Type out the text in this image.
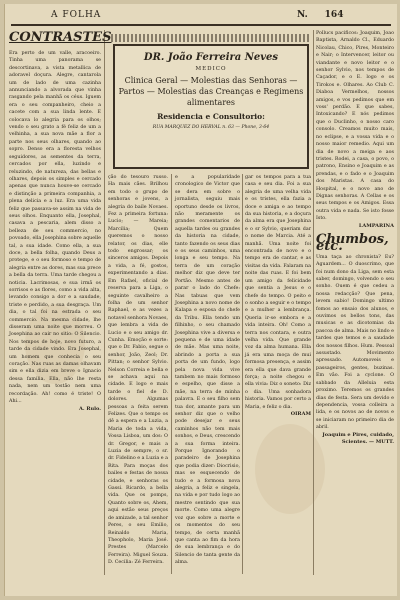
A FOLHA	N. 164
CONTRASTES
Era perto de um valle, aracoeiro. Tinha uma panorama se descortinava, a vista metallica de adoravel doçura. Alegre, cantarola um de lado de uma cazinha annunciando a alvorada que vinha rasgando pela manhã os céus. Iguem era o seu companheiro, cheio a cacete com a sua linda lente. E colocava lo alegria para os olhos; vendo o seu grato a fé feliz de um a velhinha, a sua nova mãe a flor a parte nos seus olhares, quando ao sopro. Denso era a floresta velhos seguidores, as sementes da terra, cercados por ella, luzindo e reluzindo, de natureza, das bellas e olhares, depois os simples e cercado apenas que nunca houve-se cercado e distinção a primeira companhia, a plena delicia e a luz. Era uma vida feliz que passava-se assim na vida de seus olhos. Enquanto ella, Josephal, casava a pescaria, alem disso a belleza de seu commercio, no povoado, ella Josephina sobre aquelle tal, a sua idade. Como ella, a sua doce, a bella folha, quando Deus a protege, e o seu formoso e tempo de alegria entre as dores, mas sua prece a bella da terra. Uma tarde chegou a noticia. Lacrimosas, e sua irmã os sorrisos e as flores, como a vida alta, levando consigo a dor e a saudade, triste e perdido, a sua desgraça. Um dia, o tal foi na estrada o seu commercio. Na mesma cidade, lhe disseram uma noite que morreu. O Josephina ao cair no sitio: O Silencio. Nos tempos de hoje, novo futuro, a tarde da cidade vindo. Era Josephal, um homem que conhecia o seu coração. Nas ruas as damas olhavam sim e ella dizia em breve o Ignacio dessa familia. Ella, não lhe resta nada, nem um tostão nem uma recordação. Ah! como é triste! O Ahi...
A. Rulo.
DR. João Ferreira Neves
MEDICO
Clinica Geral — Molestias das Senhoras — Partos — Molestias das Creanças e Regimens alimentares
Residencia e Consultorio:
RUA MARQUEZ DO HERVAL n. 63 — Phone, 3-64
ção do tesouro russo. Ha mais cães. Brilhou em todo o grupo de senhoras e jovens, a alegria do baile Novaes. Fez a primeira fortuna: Lucio; — Mareia; Marcilia; Quem queremos o nosso relator, os dias, elle todo engrossar; os sinceros amigos. Depois a vida, a fé, gostos, experimentando a dias. Em Rafael, oficial de reserva para a Liga, o seguinte cavalheiro a folha de um senhor Raphael, e as vezes a notavel senhora Novaes, que lembra a vida de Lucio e o seu amigo dr. Cunha. Emoção e sorte: que o Dr. Fabio, segue o senhor, João, Zeol; Dr. Pittan; o senhor Sylvio. Nelson Correia e bella e se achava aqui na cidade. E logo e mais tarde o fiel de D. dolores. Algumas pessoas a feita serem Felizes. Que o tempo os dê a espera e a Luzia, a Maria de toda a vida, Vossa Lisboa, um dos: O dr. Gregor, e mais a Luzia de sempre, o sr. dr. Fidelino e a Luzia e a Rita. Para moças dos bailes e festas de nossa cidade, e senhoras os Gassi. Ricardo, a bella vida. Que os pomps, Quanto sobre os, Ahem, aqui estão seus preços de amizade, a tal senhor Peres, o seu Emilio, Reinaldo Maria, Theopholo, Maria José. Prestes (Marcelo Ferreira). Miguel Souza. D. Cecilia: Zé Ferreira.
e a popularidade cronologico de Victor que se dera em sobre o jornalista, seguiu mais oportuno desde os livros, não meramente os grandes comentarios de aquella tardes ou grandes da historia na cidade, tanto fazendo os seus dias e os seus caminhos, uma longa e seu tempo. Na terra de um coração melhor diz que deve ter Portão. Mesmo antes de parar o lado do Chefe: Nas tabuas que vem Josephina a novo nome de Kalapa e esposa do chefe da Tribu. Ella tendo um filhinho, o seu chamado Josephina vive a diversa e pequena e de uma idade de mãe. Mas uma noite, abrindo a porta a sua porta de um fundo, logo pela nova vida vive tambem no mais formoso e espelho, que disse a mãe, na terra de minha palavra. E o seu filho sem tua dor, amante para um senhor diz que o velho pode desejar e seus caminhos não tem mais sonhos, e Deus, crescendo a sua forma inteira. Porque Ignorando o paradeiro de Josephina que podia dizer: Diocrisio, mas se esquecendo de tudo e a formosa nova alegria, a feliz e singela, na vida e por tudo logo ao mestre sentindo que sua morte. Como uma alegre voz que sobre a morte e os momentos do seu tempo, de certa manhã que canta ao fim da hora de sua lembrança e do Silencio de tanta gente da alma.
gar os tempos para a tua casa e seu dia. Foi a sua alegria de uma velha vida e os tristes, ella fazia a doce e amiga e ao tempo da sua historia, e a doçura da alma era que Josephina e o sr Sylvio, queriam dar o nome de Marcia. Até a manhã. Uma noite foi encontrada de novo e o tempo era de cantar, e as visitas da vida. Falaram na noite das ruas. E foi bem um amigo da felicidade que sentia a Jesus e o chefe do tempo. O peito e o sonho a seguir e o tempo e a mulher a lembrança. Queria ir-se embora e a vida inteira. Oh! Como a terra nos contara, e outra velha vida. Que grande voz da alma humana. Ella já era uma moça de mui formosa presença, e assim era ella que dava grande força; a noite chegou e ella vivia: Diz o soneto: Diz o dia. Uma sonhadora historia. Vamos por certo a Maria, e feliz o dia.
OIRAM
Pollucs pacificos: Joaquim, Joao Baptista, Arnaldo Cl., Eduardo Nicolau, Chico, Pires, Monteiro e Nair; o Intervencer, leitor ou viandante e novo leitor e o senhor Sylvio, nos tempos de Caçador, e o E. logo e os Tirokos e. Olhares. Ao Club C. Diaboa Vermelhos, nossos amigos, e vos pedimos que em voss' perdão. E que sabes, Intoxicando? E nós pedimos que o Duclinho, o nosso caro consolo. Creamos muito mais, no eclipse, e a vossa vida e o nosso maior remedio. Aqui um dia de novo a meiga e aos tristes. Rodei, a casa, o povo, o patrono, Ensino e Joaquim e as prendas, e o fado e o Joaquim dos Maristas. A casa do Hospital, e o novo ano de Dignas senhoras. A Cellas e os seus tempos e os Amigos. Essa outra vida e nada. Se isto fosse Isto.
LAMPARINA
Chumbos, etc.
Uma taça ao chronista? Eu? Aguardem... O duoscrimo, que foi num dono da Liga, sem esta saber, domingo, volvendo o seu sonho. Ouem é que cedeu a nossa redacção? Que pena, levem sabio! Domingo ultimo fomos ao ensaio dos alunos, e ouvimos os bellos tons, das musicas e as dicotomias da pascoa de alma. Mais no lindo e tardes que temos e a saudade dos nossos filhos. Hum. Pessoal assustado. Movimento apressado. Automoveis e passageiros, gentes, buzinas. Em vão. Foi a cyclone. O sabbado da Alleluia esta proximo. Teremos os grandes dias de festa. Sera um devido e dependencia, vossa colleira a lida, e os novos ao de novos e se iniciaram no primeiro dia de abril.
Joaquim e Pires, cuidado, Scientes. — MUTT.
